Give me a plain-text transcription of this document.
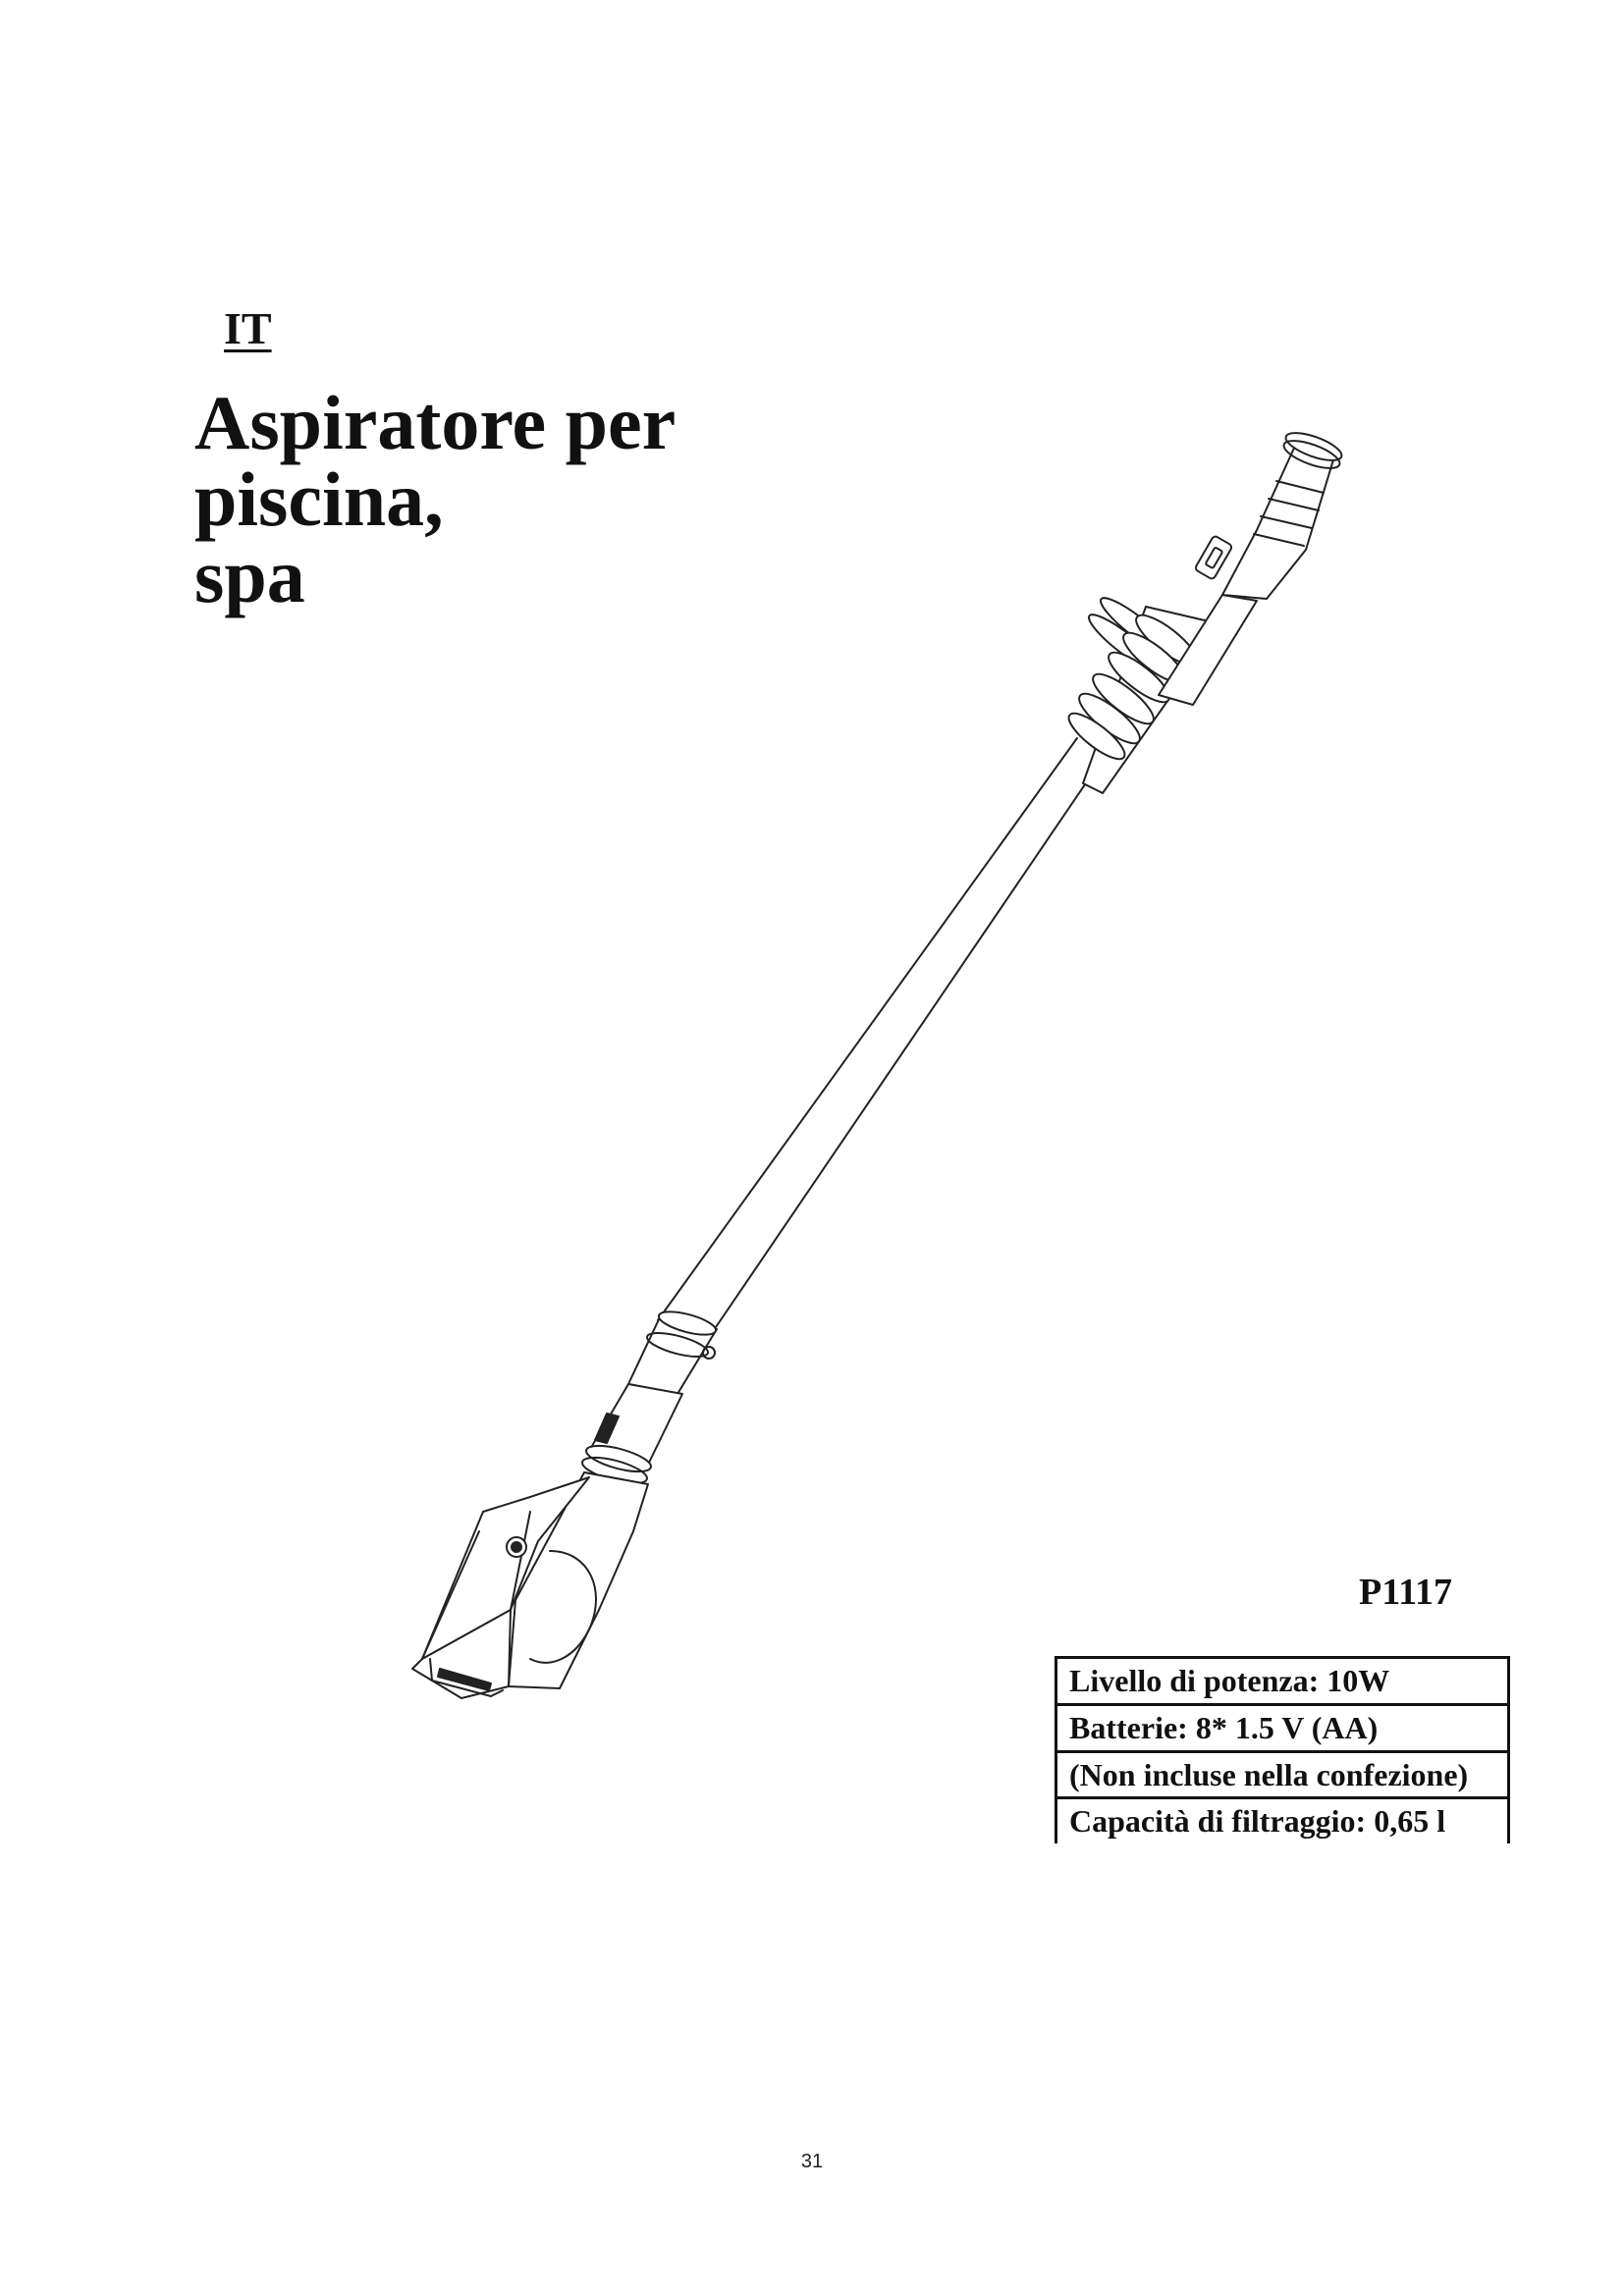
IT
Aspiratore per piscina,
spa
P1117
Livello di potenza: 10W
Batterie: 8* 1.5 V (AA)
(Non incluse nella confezione)
Capacità di filtraggio: 0,65 l
31
